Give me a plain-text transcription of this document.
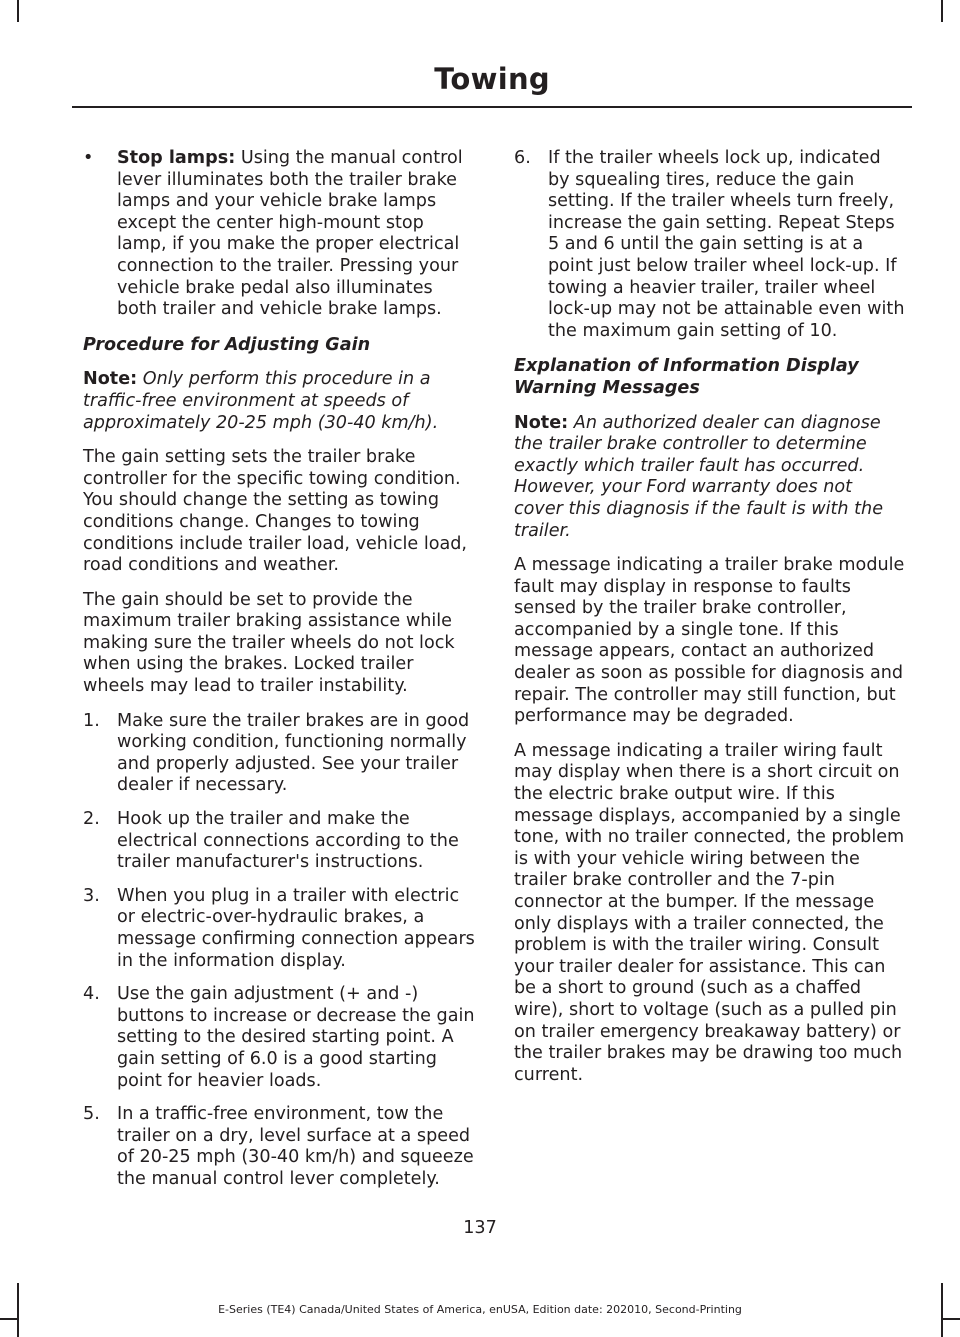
Towing
• Stop lamps: Using the manual control lever illuminates both the trailer brake lamps and your vehicle brake lamps except the center high-mount stop lamp, if you make the proper electrical connection to the trailer. Pressing your vehicle brake pedal also illuminates both trailer and vehicle brake lamps.

Procedure for Adjusting Gain

Note: Only perform this procedure in a traffic-free environment at speeds of approximately 20-25 mph (30-40 km/h).

The gain setting sets the trailer brake controller for the specific towing condition. You should change the setting as towing conditions change. Changes to towing conditions include trailer load, vehicle load, road conditions and weather.

The gain should be set to provide the maximum trailer braking assistance while making sure the trailer wheels do not lock when using the brakes. Locked trailer wheels may lead to trailer instability.

1. Make sure the trailer brakes are in good working condition, functioning normally and properly adjusted. See your trailer dealer if necessary.
2. Hook up the trailer and make the electrical connections according to the trailer manufacturer's instructions.
3. When you plug in a trailer with electric or electric-over-hydraulic brakes, a message confirming connection appears in the information display.
4. Use the gain adjustment (+ and -) buttons to increase or decrease the gain setting to the desired starting point. A gain setting of 6.0 is a good starting point for heavier loads.
5. In a traffic-free environment, tow the trailer on a dry, level surface at a speed of 20-25 mph (30-40 km/h) and squeeze the manual control lever completely.
6. If the trailer wheels lock up, indicated by squealing tires, reduce the gain setting. If the trailer wheels turn freely, increase the gain setting. Repeat Steps 5 and 6 until the gain setting is at a point just below trailer wheel lock-up. If towing a heavier trailer, trailer wheel lock-up may not be attainable even with the maximum gain setting of 10.

Explanation of Information Display Warning Messages

Note: An authorized dealer can diagnose the trailer brake controller to determine exactly which trailer fault has occurred. However, your Ford warranty does not cover this diagnosis if the fault is with the trailer.

A message indicating a trailer brake module fault may display in response to faults sensed by the trailer brake controller, accompanied by a single tone. If this message appears, contact an authorized dealer as soon as possible for diagnosis and repair. The controller may still function, but performance may be degraded.

A message indicating a trailer wiring fault may display when there is a short circuit on the electric brake output wire. If this message displays, accompanied by a single tone, with no trailer connected, the problem is with your vehicle wiring between the trailer brake controller and the 7-pin connector at the bumper. If the message only displays with a trailer connected, the problem is with the trailer wiring. Consult your trailer dealer for assistance. This can be a short to ground (such as a chaffed wire), short to voltage (such as a pulled pin on trailer emergency breakaway battery) or the trailer brakes may be drawing too much current.

137
E-Series (TE4) Canada/United States of America, enUSA, Edition date: 202010, Second-Printing
